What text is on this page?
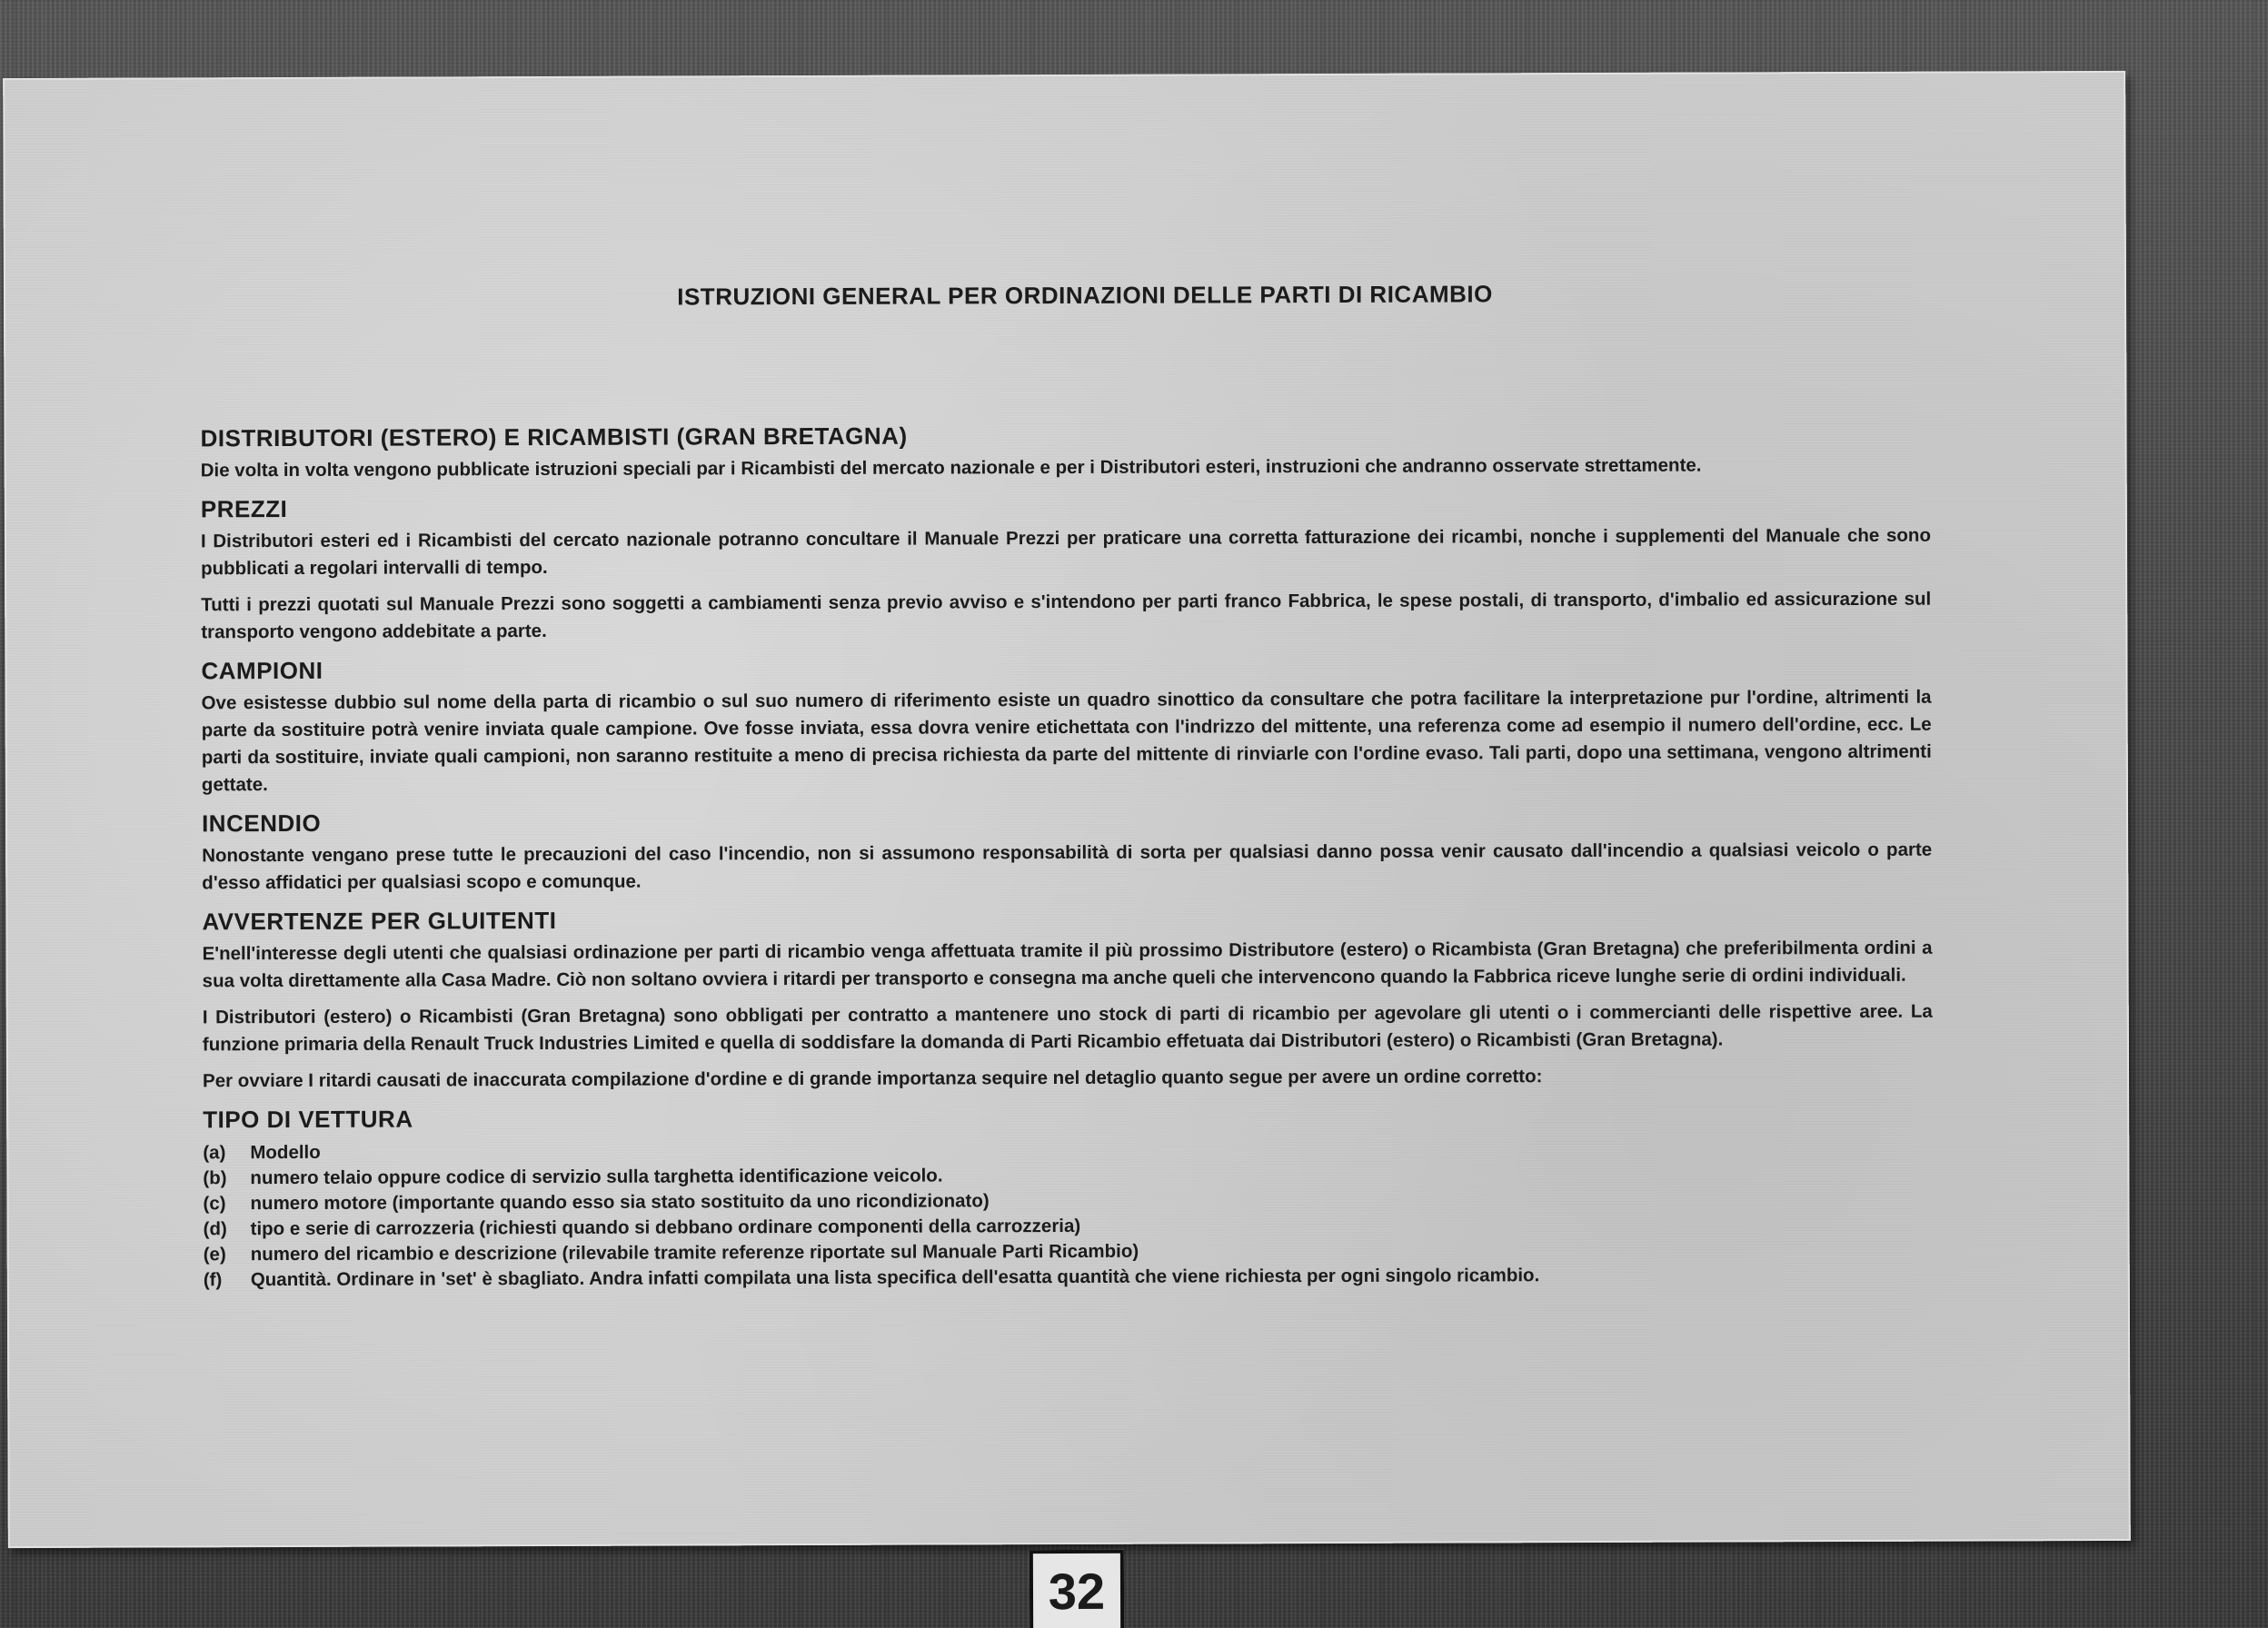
ISTRUZIONI GENERAL PER ORDINAZIONI DELLE PARTI DI RICAMBIO
DISTRIBUTORI (ESTERO) E RICAMBISTI (GRAN BRETAGNA)

Die volta in volta vengono pubblicate istruzioni speciali par i Ricambisti del mercato nazionale e per i Distributori esteri, instruzioni che andranno osservate strettamente.

PREZZI

I Distributori esteri ed i Ricambisti del cercato nazionale potranno concultare il Manuale Prezzi per praticare una corretta fatturazione dei ricambi, nonche i supplementi del Manuale che sono pubblicati a regolari intervalli di tempo.

Tutti i prezzi quotati sul Manuale Prezzi sono soggetti a cambiamenti senza previo avviso e s'intendono per parti franco Fabbrica, le spese postali, di transporto, d'imbalio ed assicurazione sul transporto vengono addebitate a parte.

CAMPIONI

Ove esistesse dubbio sul nome della parta di ricambio o sul suo numero di riferimento esiste un quadro sinottico da consultare che potra facilitare la interpretazione pur l'ordine, altrimenti la parte da sostituire potrà venire inviata quale campione. Ove fosse inviata, essa dovra venire etichettata con l'indrizzo del mittente, una referenza come ad esempio il numero dell'ordine, ecc. Le parti da sostituire, inviate quali campioni, non saranno restituite a meno di precisa richiesta da parte del mittente di rinviarle con l'ordine evaso. Tali parti, dopo una settimana, vengono altrimenti gettate.

INCENDIO

Nonostante vengano prese tutte le precauzioni del caso l'incendio, non si assumono responsabilità di sorta per qualsiasi danno possa venir causato dall'incendio a qualsiasi veicolo o parte d'esso affidatici per qualsiasi scopo e comunque.

AVVERTENZE PER GLUITENTI

E'nell'interesse degli utenti che qualsiasi ordinazione per parti di ricambio venga affettuata tramite il più prossimo Distributore (estero) o Ricambista (Gran Bretagna) che preferibilmenta ordini a sua volta direttamente alla Casa Madre. Ciò non soltano ovviera i ritardi per transporto e consegna ma anche queli che intervencono quando la Fabbrica riceve lunghe serie di ordini individuali.

I Distributori (estero) o Ricambisti (Gran Bretagna) sono obbligati per contratto a mantenere uno stock di parti di ricambio per agevolare gli utenti o i commercianti delle rispettive aree. La funzione primaria della Renault Truck Industries Limited e quella di soddisfare la domanda di Parti Ricambio effetuata dai Distributori (estero) o Ricambisti (Gran Bretagna).

Per ovviare I ritardi causati de inaccurata compilazione d'ordine e di grande importanza sequire nel detaglio quanto segue per avere un ordine corretto:

TIPO DI VETTURA
(a)	Modello
(b)	numero telaio oppure codice di servizio sulla targhetta identificazione veicolo.
(c)	numero motore (importante quando esso sia stato sostituito da uno ricondizionato)
(d)	tipo e serie di carrozzeria (richiesti quando si debbano ordinare componenti della carrozzeria)
(e)	numero del ricambio e descrizione (rilevabile tramite referenze riportate sul Manuale Parti Ricambio)
(f)	Quantità. Ordinare in 'set' è sbagliato. Andra infatti compilata una lista specifica dell'esatta quantità che viene richiesta per ogni singolo ricambio.
32
